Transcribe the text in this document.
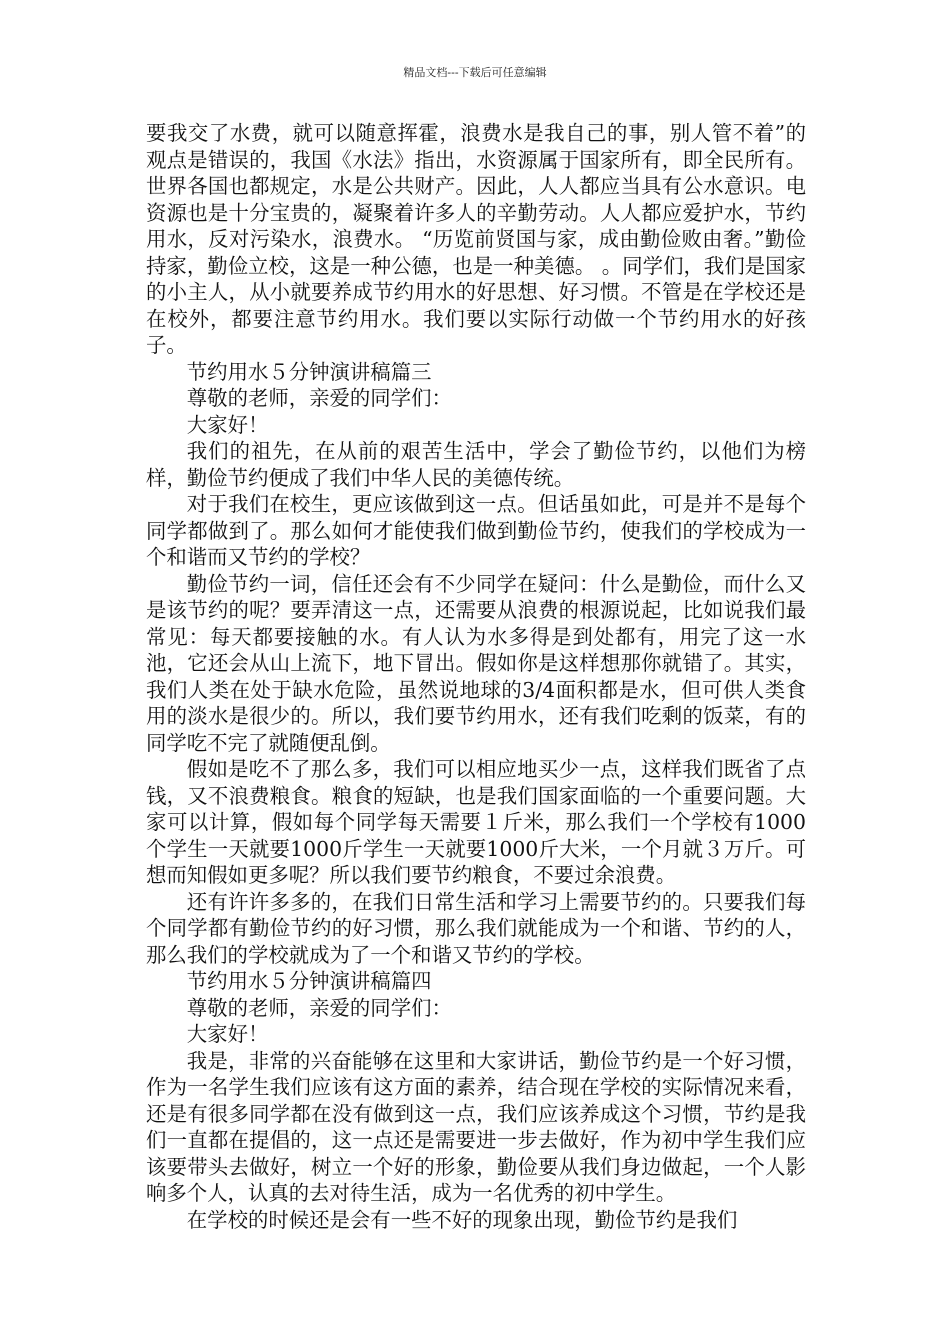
精品文档---下载后可任意编辑

要我交了水费，就可以随意挥霍，浪费水是我自己的事，别人管不着”的观点是错误的，我国《水法》指出，水资源属于国家所有，即全民所有。世界各国也都规定，水是公共财产。因此，人人都应当具有公水意识。电资源也是十分宝贵的，凝聚着许多人的辛勤劳动。人人都应爱护水，节约用水，反对污染水，浪费水。 “历览前贤国与家，成由勤俭败由奢。”勤俭持家，勤俭立校，这是一种公德，也是一种美德。 。同学们，我们是国家的小主人，从小就要养成节约用水的好思想、好习惯。不管是在学校还是在校外，都要注意节约用水。我们要以实际行动做一个节约用水的好孩子。

节约用水５分钟演讲稿篇三

尊敬的老师，亲爱的同学们：

大家好！

我们的祖先，在从前的艰苦生活中，学会了勤俭节约，以他们为榜样，勤俭节约便成了我们中华人民的美德传统。

对于我们在校生，更应该做到这一点。但话虽如此，可是并不是每个同学都做到了。那么如何才能使我们做到勤俭节约，使我们的学校成为一个和谐而又节约的学校？

勤俭节约一词，信任还会有不少同学在疑问：什么是勤俭，而什么又是该节约的呢？要弄清这一点，还需要从浪费的根源说起，比如说我们最常见：每天都要接触的水。有人认为水多得是到处都有，用完了这一水池，它还会从山上流下，地下冒出。假如你是这样想那你就错了。其实，我们人类在处于缺水危险，虽然说地球的3/4面积都是水，但可供人类食用的淡水是很少的。所以，我们要节约用水，还有我们吃剩的饭菜，有的同学吃不完了就随便乱倒。

假如是吃不了那么多，我们可以相应地买少一点，这样我们既省了点钱，又不浪费粮食。粮食的短缺，也是我们国家面临的一个重要问题。大家可以计算，假如每个同学每天需要１斤米，那么我们一个学校有1000个学生一天就要1000斤学生一天就要1000斤大米，一个月就３万斤。可想而知假如更多呢？所以我们要节约粮食，不要过余浪费。

还有许许多多的，在我们日常生活和学习上需要节约的。只要我们每个同学都有勤俭节约的好习惯，那么我们就能成为一个和谐、节约的人，那么我们的学校就成为了一个和谐又节约的学校。

节约用水５分钟演讲稿篇四

尊敬的老师，亲爱的同学们：

大家好！

我是，非常的兴奋能够在这里和大家讲话，勤俭节约是一个好习惯，作为一名学生我们应该有这方面的素养，结合现在学校的实际情况来看，还是有很多同学都在没有做到这一点，我们应该养成这个习惯，节约是我们一直都在提倡的，这一点还是需要进一步去做好，作为初中学生我们应该要带头去做好，树立一个好的形象，勤俭要从我们身边做起，一个人影响多个人，认真的去对待生活，成为一名优秀的初中学生。

在学校的时候还是会有一些不好的现象出现，勤俭节约是我们
